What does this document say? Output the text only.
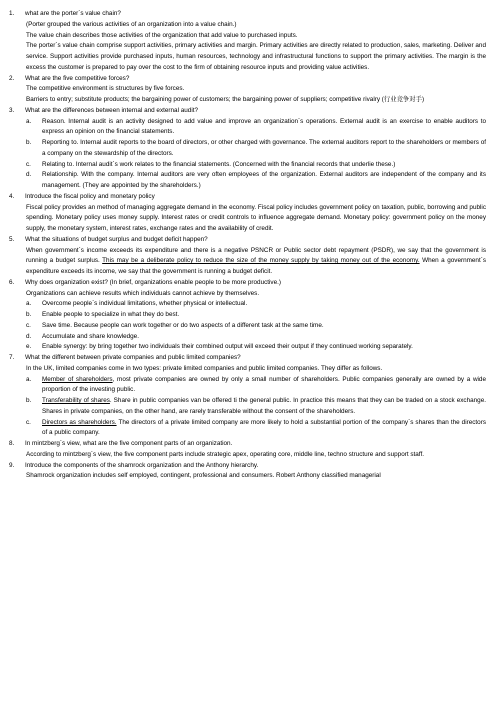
1.	what are the porter`s value chain?
(Porter grouped the various activities of an organization into a value chain.)
The value chain describes those activities of the organization that add value to purchased inputs.
The porter`s value chain comprise support activities, primary activities and margin. Primary activities are directly related to production, sales, marketing. Deliver and service. Support activities provide purchased inputs, human resources, technology and infrastructural functions to support the primary activities. The margin is the excess the customer is prepared to pay over the cost to the firm of obtaining resource inputs and providing value activities.
2.	What are the five competitive forces?
The competitive environment is structures by five forces.
Barriers to entry; substitute products; the bargaining power of customers; the bargaining power of suppliers; competitive rivalry (行业竞争对手)
3.	What are the differences between internal and external audit?
a.	Reason. Internal audit is an activity designed to add value and improve an organization`s operations. External audit is an exercise to enable auditors to express an opinion on the financial statements.
b.	Reporting to. Internal audit reports to the board of directors, or other charged with governance. The external auditors report to the shareholders or members of a company on the stewardship of the directors.
c.	Relating to. Internal audit`s work relates to the financial statements. (Concerned with the financial records that underlie these.)
d.	Relationship. With the company. Internal auditors are very often employees of the organization. External auditors are independent of the company and its management. (They are appointed by the shareholders.)
4.	Introduce the fiscal policy and monetary policy
Fiscal policy provides an method of managing aggregate demand in the economy. Fiscal policy includes government policy on taxation, public, borrowing and public spending. Monetary policy uses money supply. Interest rates or credit controls to influence aggregate demand. Monetary policy: government policy on the money supply, the monetary system, interest rates, exchange rates and the availability of credit.
5.	What the situations of budget surplus and budget deficit happen?
When government`s income exceeds its expenditure and there is a negative PSNCR or Public sector debt repayment (PSDR), we say that the government is running a budget surplus. This may be a deliberate policy to reduce the size of the money supply by taking money out of the economy. When a government`s expenditure exceeds its income, we say that the government is running a budget deficit.
6.	Why does organization exist? (In brief, organizations enable people to be more productive.)
Organizations can achieve results which individuals cannot achieve by themselves.
a.	Overcome people`s individual limitations, whether physical or intellectual.
b.	Enable people to specialize in what they do best.
c.	Save time. Because people can work together or do two aspects of a different task at the same time.
d.	Accumulate and share knowledge.
e.	Enable synergy: by bring together two individuals their combined output will exceed their output if they continued working separately.
7.	What the different between private companies and public limited companies?
In the UK, limited companies come in two types: private limited companies and public limited companies. They differ as follows.
a.	Member of shareholders, most private companies are owned by only a small number of shareholders. Public companies generally are owned by a wide proportion of the investing public.
b.	Transferability of shares. Share in public companies van be offered ti the general public. In practice this means that they can be traded on a stock exchange. Shares in private companies, on the other hand, are rarely transferable without the consent of the shareholders.
c.	Directors as shareholders. The directors of a private limited company are more likely to hold a substantial portion of the company`s shares than the directors of a public company.
8.	In mintzberg`s view, what are the five component parts of an organization.
According to mintzberg`s view, the five component parts include strategic apex, operating core, middle line, techno structure and support staff.
9.	Introduce the components of the shamrock organization and the Anthony hierarchy.
Shamrock organization includes self employed, contingent, professional and consumers. Robert Anthony classified managerial
